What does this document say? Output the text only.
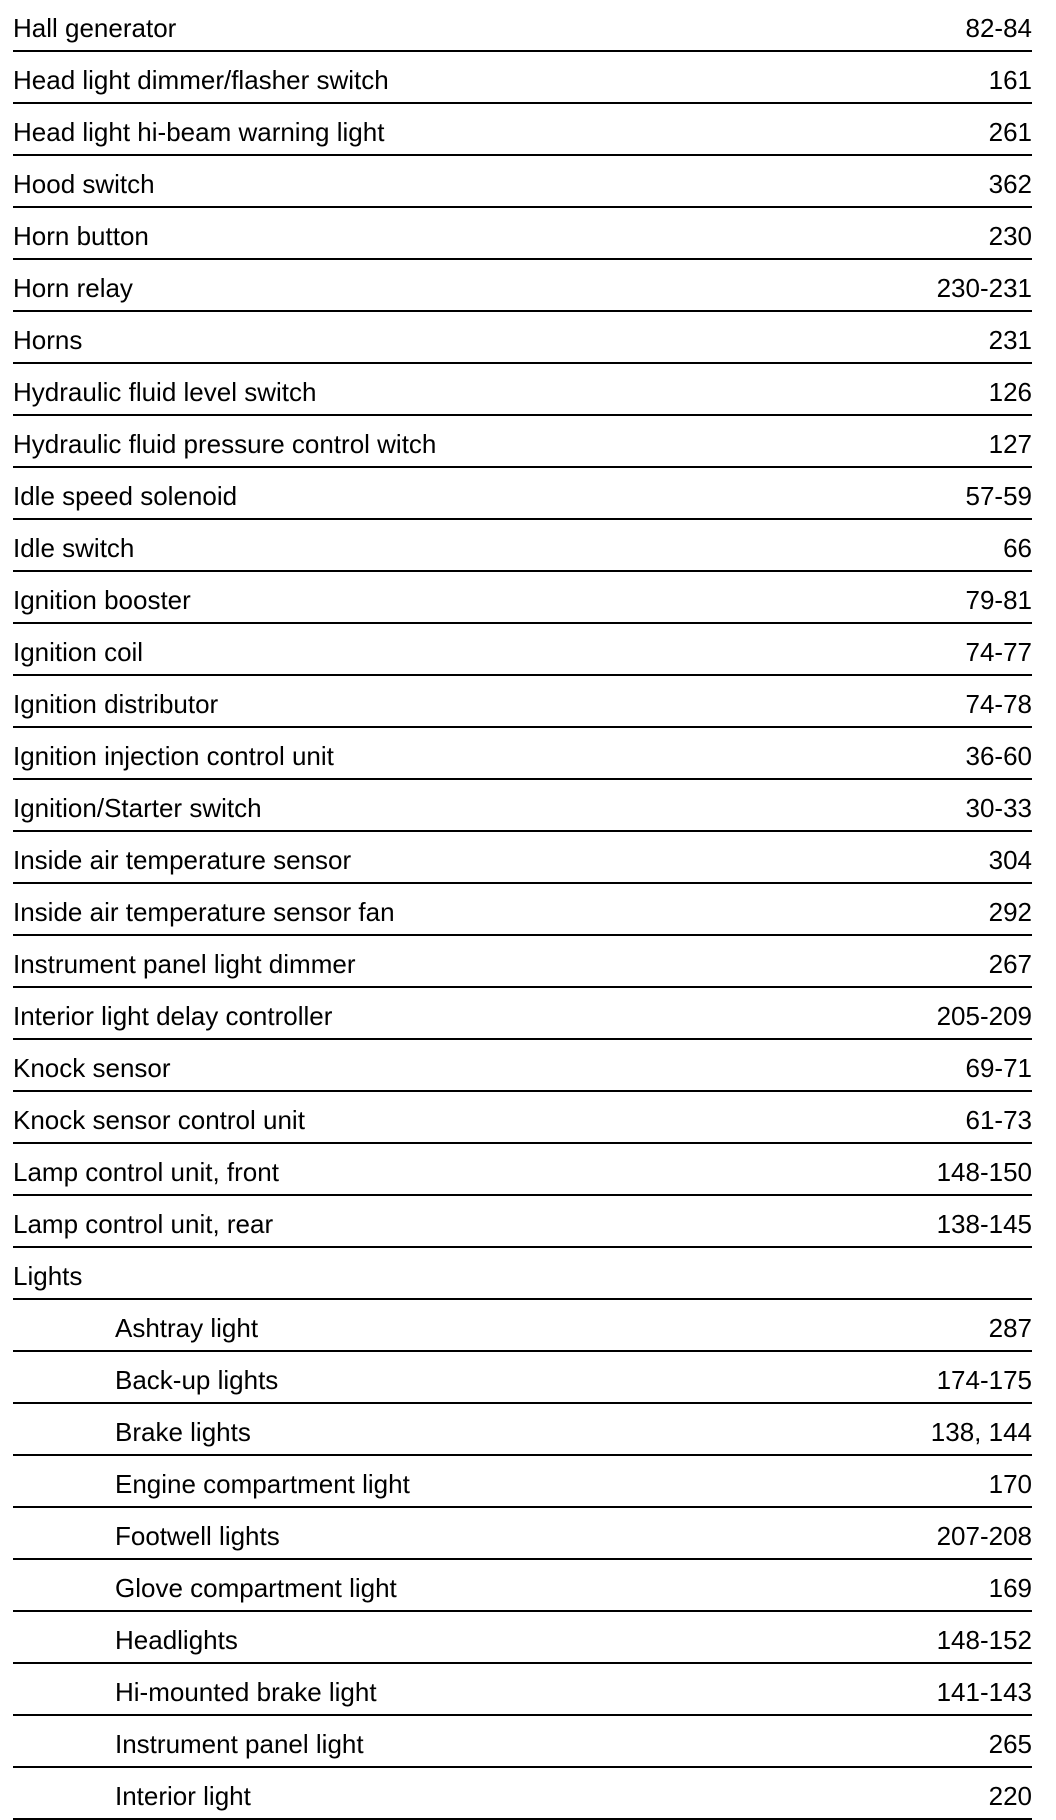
Hall generator	82-84
Head light dimmer/flasher switch	161
Head light hi-beam warning light	261
Hood switch	362
Horn button	230
Horn relay	230-231
Horns	231
Hydraulic fluid level switch	126
Hydraulic fluid pressure control witch	127
Idle speed solenoid	57-59
Idle switch	66
Ignition booster	79-81
Ignition coil	74-77
Ignition distributor	74-78
Ignition injection control unit	36-60
Ignition/Starter switch	30-33
Inside air temperature sensor	304
Inside air temperature sensor fan	292
Instrument panel light dimmer	267
Interior light delay controller	205-209
Knock sensor	69-71
Knock sensor control unit	61-73
Lamp control unit, front	148-150
Lamp control unit, rear	138-145
Lights
Ashtray light	287
Back-up lights	174-175
Brake lights	138, 144
Engine compartment light	170
Footwell lights	207-208
Glove compartment light	169
Headlights	148-152
Hi-mounted brake light	141-143
Instrument panel light	265
Interior light	220
